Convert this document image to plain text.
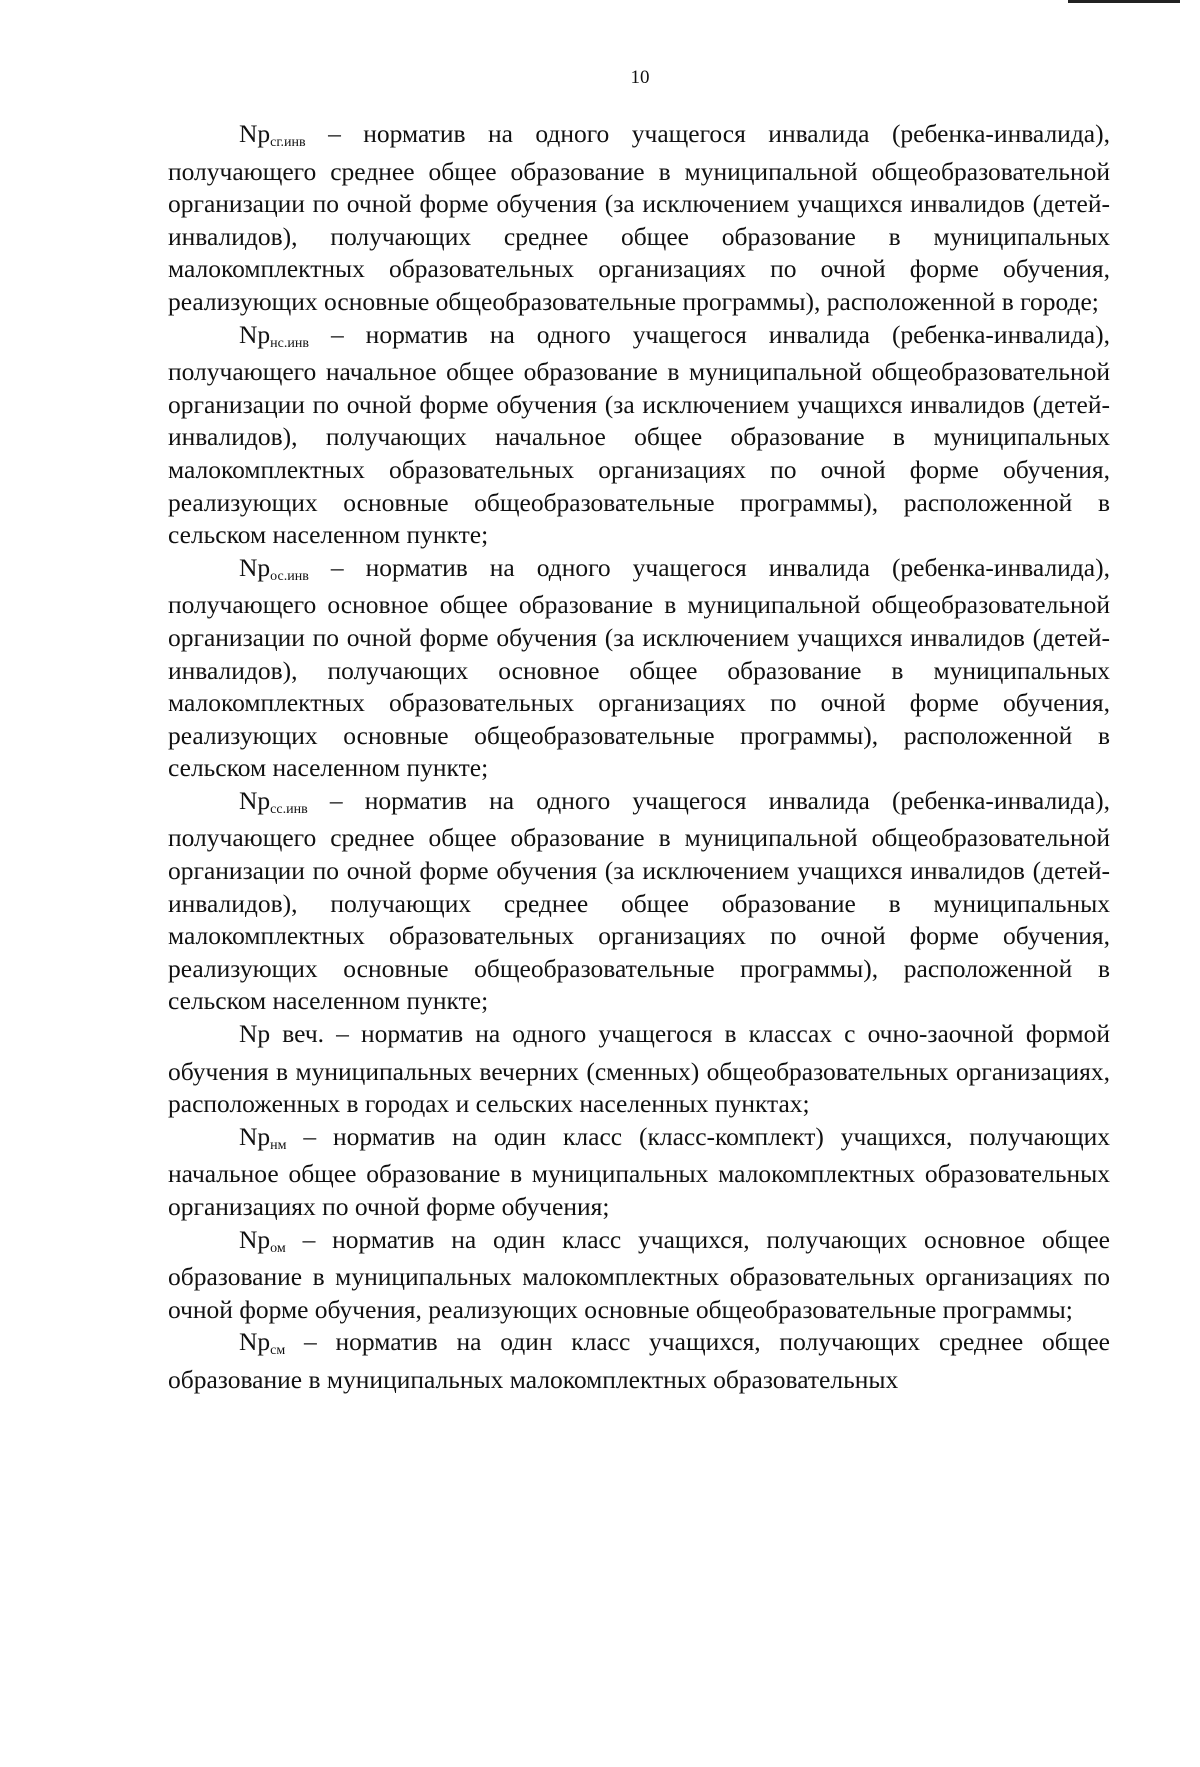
10

Npсг.инв – норматив на одного учащегося инвалида (ребенка-инвалида), получающего среднее общее образование в муниципальной общеобразовательной организации по очной форме обучения (за исключением учащихся инвалидов (детей-инвалидов), получающих среднее общее образование в муниципальных малокомплектных образовательных организациях по очной форме обучения, реализующих основные общеобразовательные программы), расположенной в городе;

Npнс.инв – норматив на одного учащегося инвалида (ребенка-инвалида), получающего начальное общее образование в муниципальной общеобразовательной организации по очной форме обучения (за исключением учащихся инвалидов (детей-инвалидов), получающих начальное общее образование в муниципальных малокомплектных образовательных организациях по очной форме обучения, реализующих основные общеобразовательные программы), расположенной в сельском населенном пункте;

Npос.инв – норматив на одного учащегося инвалида (ребенка-инвалида), получающего основное общее образование в муниципальной общеобразовательной организации по очной форме обучения (за исключением учащихся инвалидов (детей-инвалидов), получающих основное общее образование в муниципальных малокомплектных образовательных организациях по очной форме обучения, реализующих основные общеобразовательные программы), расположенной в сельском населенном пункте;

Npсс.инв – норматив на одного учащегося инвалида (ребенка-инвалида), получающего среднее общее образование в муниципальной общеобразовательной организации по очной форме обучения (за исключением учащихся инвалидов (детей-инвалидов), получающих среднее общее образование в муниципальных малокомплектных образовательных организациях по очной форме обучения, реализующих основные общеобразовательные программы), расположенной в сельском населенном пункте;

Np веч. – норматив на одного учащегося в классах с очно-заочной формой обучения в муниципальных вечерних (сменных) общеобразовательных организациях, расположенных в городах и сельских населенных пунктах;

Npнм – норматив на один класс (класс-комплект) учащихся, получающих начальное общее образование в муниципальных малокомплектных образовательных организациях по очной форме обучения;

Npом – норматив на один класс учащихся, получающих основное общее образование в муниципальных малокомплектных образовательных организациях по очной форме обучения, реализующих основные общеобразовательные программы;

Npсм – норматив на один класс учащихся, получающих среднее общее образование в муниципальных малокомплектных образовательных
